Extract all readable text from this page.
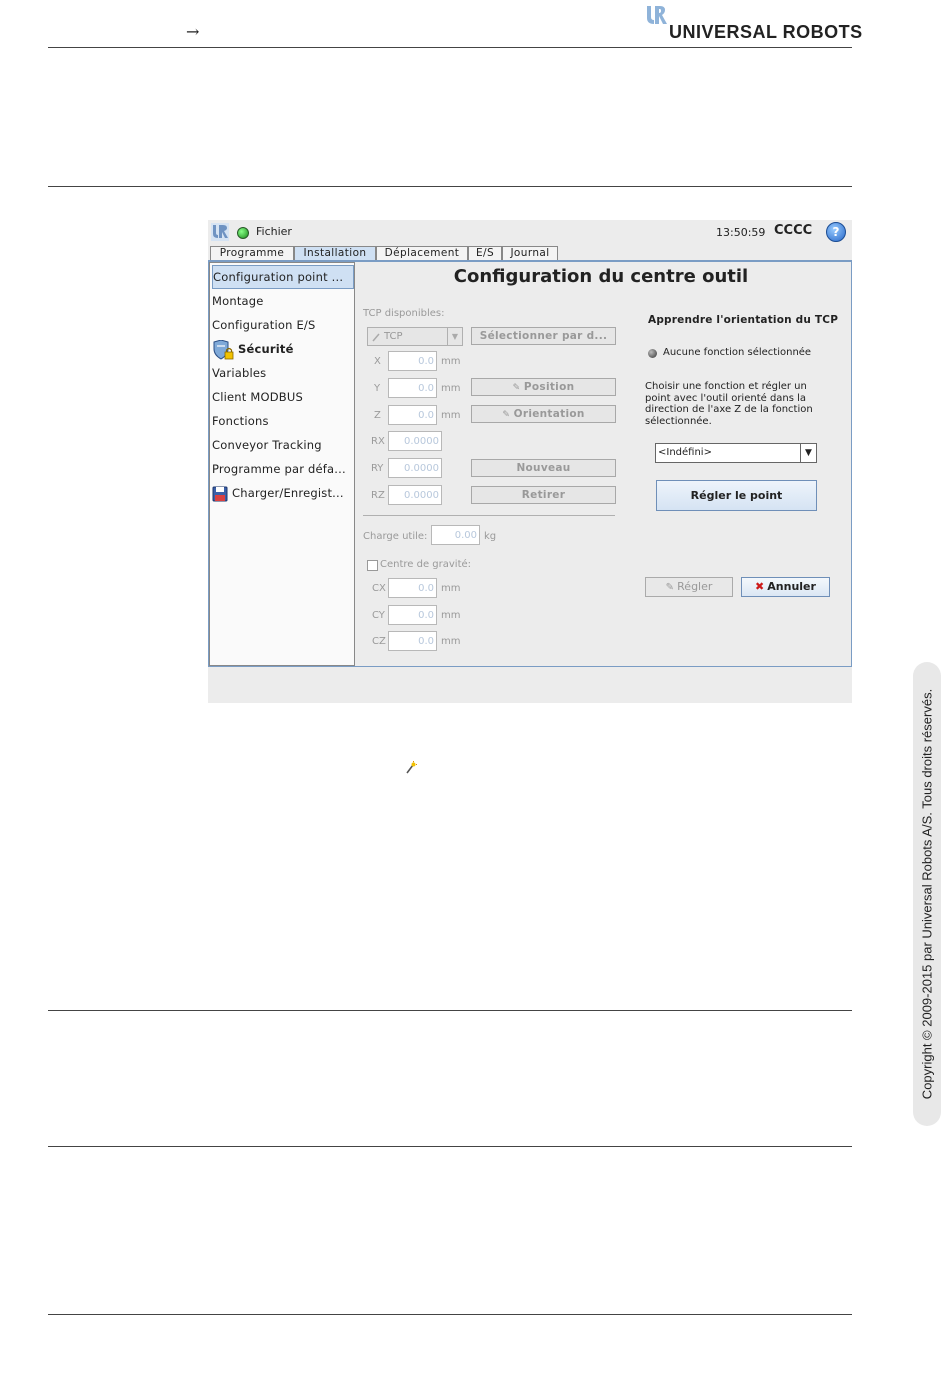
→	UNIVERSAL ROBOTS
Copyright © 2009-2015 par Universal Robots A/S. Tous droits réservés.
Fichier	13:50:59 CCCC	?
Programme	Installation	Déplacement	E/S	Journal
Configuration point ...
Montage
Configuration E/S
Sécurité
Variables
Client MODBUS
Fonctions
Conveyor Tracking
Programme par défa...
Charger/Enregist...
Configuration du centre outil
TCP disponibles:
TCP	▼	Sélectionner par d...
X	0.0 mm
Y	0.0 mm	✎ Position
Z	0.0 mm	✎ Orientation
RX	0.0000
RY	0.0000	Nouveau
RZ	0.0000	Retirer
Charge utile:	0.00 kg
Centre de gravité:
CX	0.0 mm
CY	0.0 mm
CZ	0.0 mm
Apprendre l'orientation du TCP
Aucune fonction sélectionnée
Choisir une fonction et régler un point avec l'outil orienté dans la direction de l'axe Z de la fonction sélectionnée.
<Indéfini>	▼
Régler le point
✎ Régler	✖ Annuler
